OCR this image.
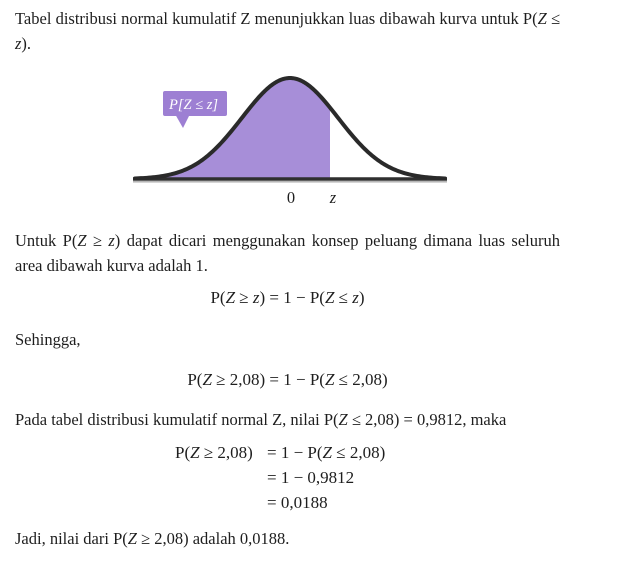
Tabel distribusi normal kumulatif Z menunjukkan luas dibawah kurva untuk P(Z ≤ z).

P[Z ≤ z]
0 z

Untuk P(Z ≥ z) dapat dicari menggunakan konsep peluang dimana luas seluruh area dibawah kurva adalah 1.

P(Z ≥ z) = 1 − P(Z ≤ z)

Sehingga,

P(Z ≥ 2,08) = 1 − P(Z ≤ 2,08)

Pada tabel distribusi kumulatif normal Z, nilai P(Z ≤ 2,08) = 0,9812, maka

P(Z ≥ 2,08)= 1 − P(Z ≤ 2,08)
= 1 − 0,9812
= 0,0188

Jadi, nilai dari P(Z ≥ 2,08) adalah 0,0188.
